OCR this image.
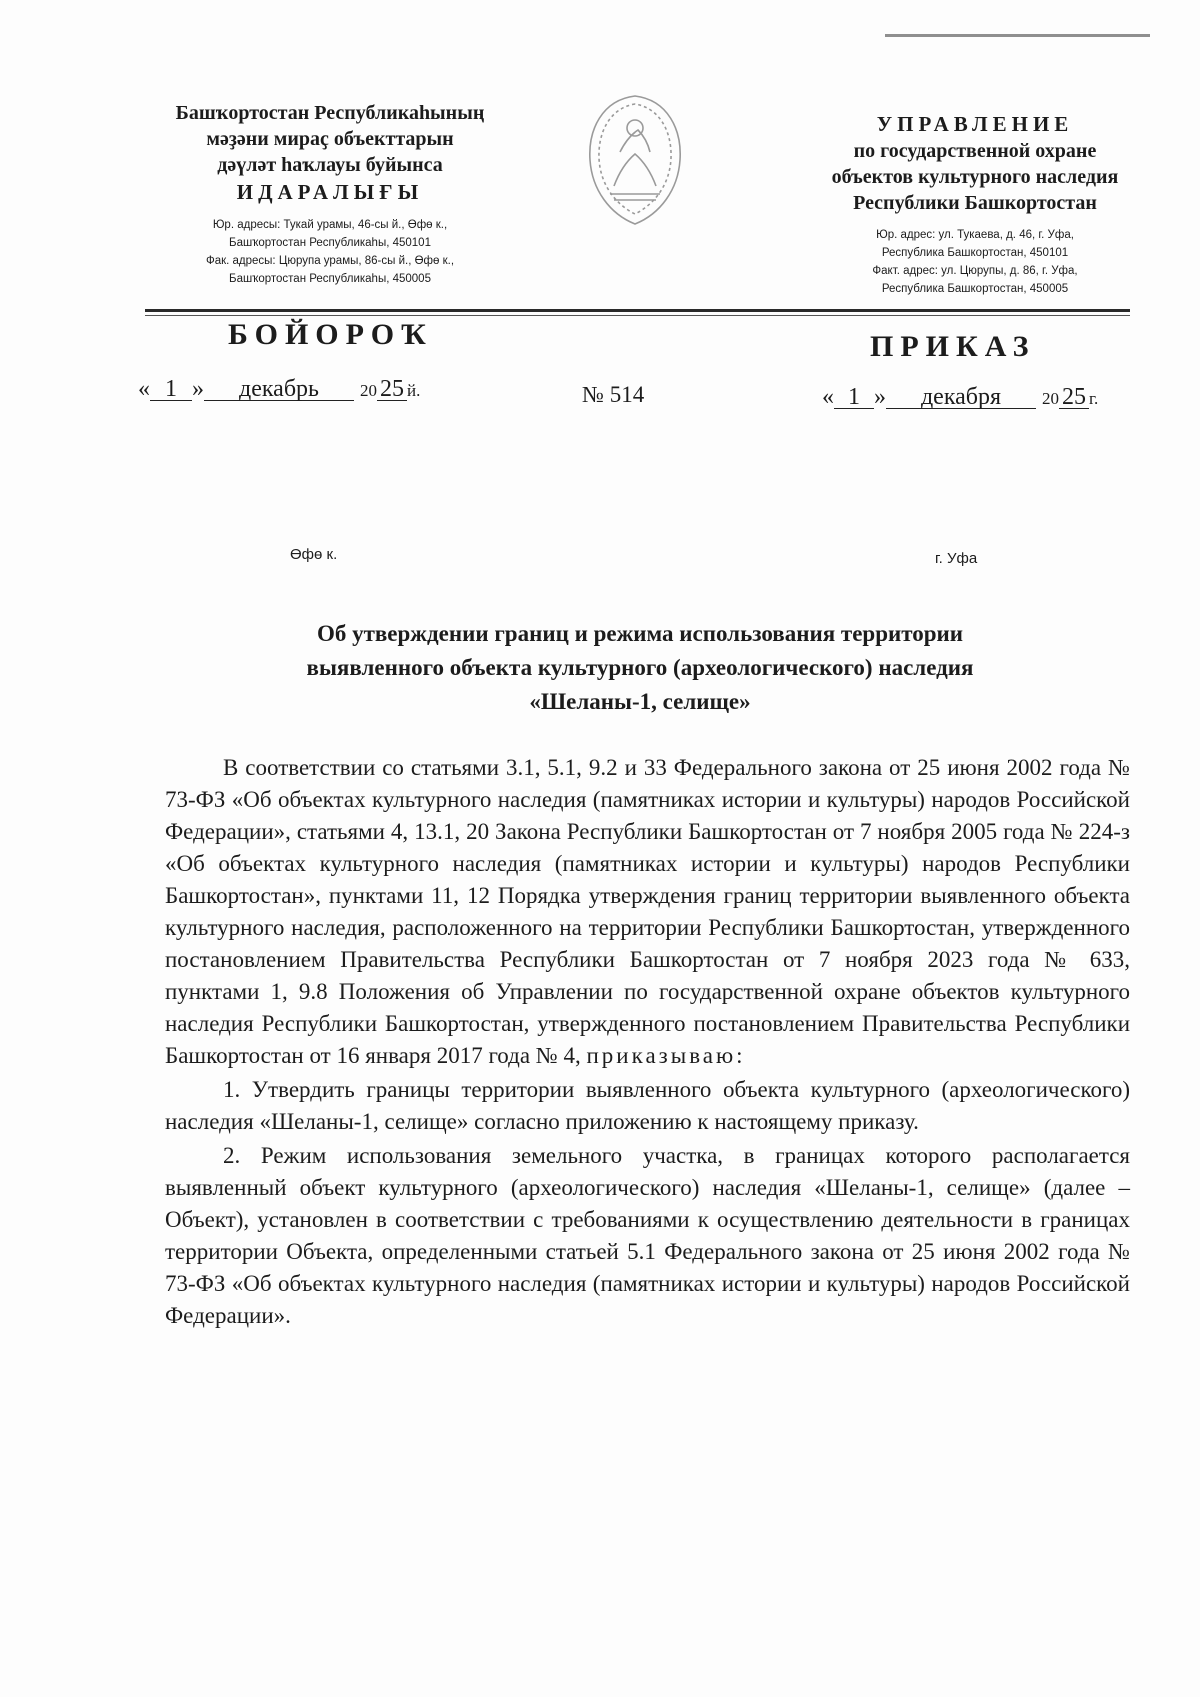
Башҡортостан Республикаһының
мәҙәни мираҫ объекттарын
дәүләт һаҡлауы буйынса
ИДАРАЛЫҒЫ
Юр. адресы: Тукай урамы, 46-сы й., Өфө к.,
Башҡортостан Республикаһы, 450101
Фак. адресы: Цюрупа урамы, 86-сы й., Өфө к.,
Башҡортостан Республикаһы, 450005
УПРАВЛЕНИЕ
по государственной охране
объектов культурного наследия
Республики Башкортостан
Юр. адрес: ул. Тукаева, д. 46, г. Уфа,
Республика Башкортостан, 450101
Факт. адрес: ул. Цюрупы, д. 86, г. Уфа,
Республика Башкортостан, 450005
БОЙОРОҠ	ПРИКАЗ
« 1 » декабрь 20 25 й.	№ 514	« 1 » декабря 20 25 г.
Өфө к.	г. Уфа
Об утверждении границ и режима использования территории
выявленного объекта культурного (археологического) наследия
«Шеланы-1, селище»

В соответствии со статьями 3.1, 5.1, 9.2 и 33 Федерального закона от 25 июня 2002 года № 73-ФЗ «Об объектах культурного наследия (памятниках истории и культуры) народов Российской Федерации», статьями 4, 13.1, 20 Закона Республики Башкортостан от 7 ноября 2005 года № 224-з «Об объектах культурного наследия (памятниках истории и культуры) народов Республики Башкортостан», пунктами 11, 12 Порядка утверждения границ территории выявленного объекта культурного наследия, расположенного на территории Республики Башкортостан, утвержденного постановлением Правительства Республики Башкортостан от 7 ноября 2023 года № 633, пунктами 1, 9.8 Положения об Управлении по государственной охране объектов культурного наследия Республики Башкортостан, утвержденного постановлением Правительства Республики Башкортостан от 16 января 2017 года № 4, приказываю:

1. Утвердить границы территории выявленного объекта культурного (археологического) наследия «Шеланы-1, селище» согласно приложению к настоящему приказу.

2. Режим использования земельного участка, в границах которого располагается выявленный объект культурного (археологического) наследия «Шеланы-1, селище» (далее – Объект), установлен в соответствии с требованиями к осуществлению деятельности в границах территории Объекта, определенными статьей 5.1 Федерального закона от 25 июня 2002 года № 73-ФЗ «Об объектах культурного наследия (памятниках истории и культуры) народов Российской Федерации».
